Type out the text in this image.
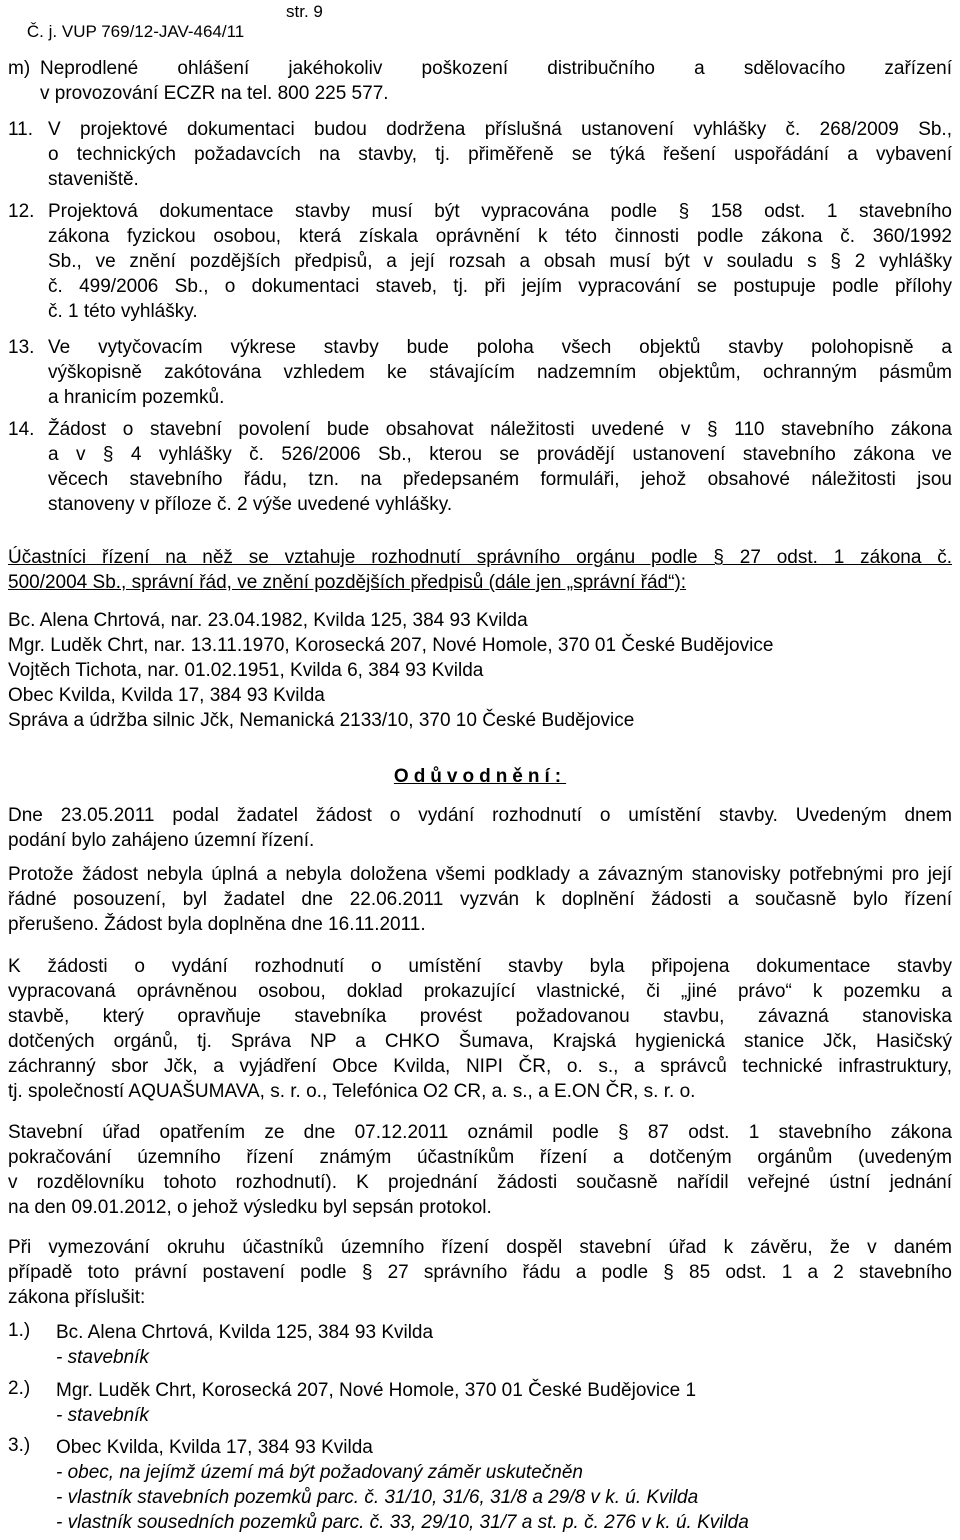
Č. j. VUP 769/12-JAV-464/11

str. 9

m) Neprodlené ohlášení jakéhokoliv poškození distribučního a sdělovacího zařízení
v provozování ECZR na tel. 800 225 577.
11. V projektové dokumentaci budou dodržena příslušná ustanovení vyhlášky č. 268/2009 Sb.,
o technických požadavcích na stavby, tj. přiměřeně se týká řešení uspořádání a vybavení
staveniště.
12. Projektová dokumentace stavby musí být vypracována podle § 158 odst. 1 stavebního
zákona fyzickou osobou, která získala oprávnění k této činnosti podle zákona č. 360/1992
Sb., ve znění pozdějších předpisů, a její rozsah a obsah musí být v souladu s § 2 vyhlášky
č. 499/2006 Sb., o dokumentaci staveb, tj. při jejím vypracování se postupuje podle přílohy
č. 1 této vyhlášky.
13. Ve vytyčovacím výkrese stavby bude poloha všech objektů stavby polohopisně a
výškopisně zakótována vzhledem ke stávajícím nadzemním objektům, ochranným pásmům
a hranicím pozemků.
14. Žádost o stavební povolení bude obsahovat náležitosti uvedené v § 110 stavebního zákona
a v § 4 vyhlášky č. 526/2006 Sb., kterou se provádějí ustanovení stavebního zákona ve
věcech stavebního řádu, tzn. na předepsaném formuláři, jehož obsahové náležitosti jsou
stanoveny v příloze č. 2 výše uvedené vyhlášky.
Účastníci řízení na něž se vztahuje rozhodnutí správního orgánu podle § 27 odst. 1 zákona č.
500/2004 Sb., správní řád, ve znění pozdějších předpisů (dále jen „správní řád“):
Bc. Alena Chrtová, nar. 23.04.1982, Kvilda 125, 384 93 Kvilda
Mgr. Luděk Chrt, nar. 13.11.1970, Korosecká 207, Nové Homole, 370 01 České Budějovice
Vojtěch Tichota, nar. 01.02.1951, Kvilda 6, 384 93 Kvilda
Obec Kvilda, Kvilda 17, 384 93 Kvilda
Správa a údržba silnic Jčk, Nemanická 2133/10, 370 10 České Budějovice
Odůvodnění:
Dne 23.05.2011 podal žadatel žádost o vydání rozhodnutí o umístění stavby. Uvedeným dnem
podání bylo zahájeno územní řízení.
Protože žádost nebyla úplná a nebyla doložena všemi podklady a závazným stanovisky potřebnými pro její
řádné posouzení, byl žadatel dne 22.06.2011 vyzván k doplnění žádosti a současně bylo řízení
přerušeno. Žádost byla doplněna dne 16.11.2011.
K žádosti o vydání rozhodnutí o umístění stavby byla připojena dokumentace stavby
vypracovaná oprávněnou osobou, doklad prokazující vlastnické, či „jiné právo“ k pozemku a
stavbě, který opravňuje stavebníka provést požadovanou stavbu, závazná stanoviska
dotčených orgánů, tj. Správa NP a CHKO Šumava, Krajská hygienická stanice Jčk, Hasičský
záchranný sbor Jčk, a vyjádření Obce Kvilda, NIPI ČR, o. s., a správců technické infrastruktury,
tj. společností AQUAŠUMAVA, s. r. o., Telefónica O2 CR, a. s., a E.ON ČR, s. r. o.
Stavební úřad opatřením ze dne 07.12.2011 oznámil podle § 87 odst. 1 stavebního zákona
pokračování územního řízení známým účastníkům řízení a dotčeným orgánům (uvedeným
v rozdělovníku tohoto rozhodnutí). K projednání žádosti současně nařídil veřejné ústní jednání
na den 09.01.2012, o jehož výsledku byl sepsán protokol.
Při vymezování okruhu účastníků územního řízení dospěl stavební úřad k závěru, že v daném
případě toto právní postavení podle § 27 správního řádu a podle § 85 odst. 1 a 2 stavebního
zákona příslušit:
1.) Bc. Alena Chrtová, Kvilda 125, 384 93 Kvilda
- stavebník
2.) Mgr. Luděk Chrt, Korosecká 207, Nové Homole, 370 01 České Budějovice 1
- stavebník
3.) Obec Kvilda, Kvilda 17, 384 93 Kvilda
- obec, na jejímž území má být požadovaný záměr uskutečněn
- vlastník stavebních pozemků parc. č. 31/10, 31/6, 31/8 a 29/8 v k. ú. Kvilda
- vlastník sousedních pozemků parc. č. 33, 29/10, 31/7 a st. p. č. 276 v k. ú. Kvilda
